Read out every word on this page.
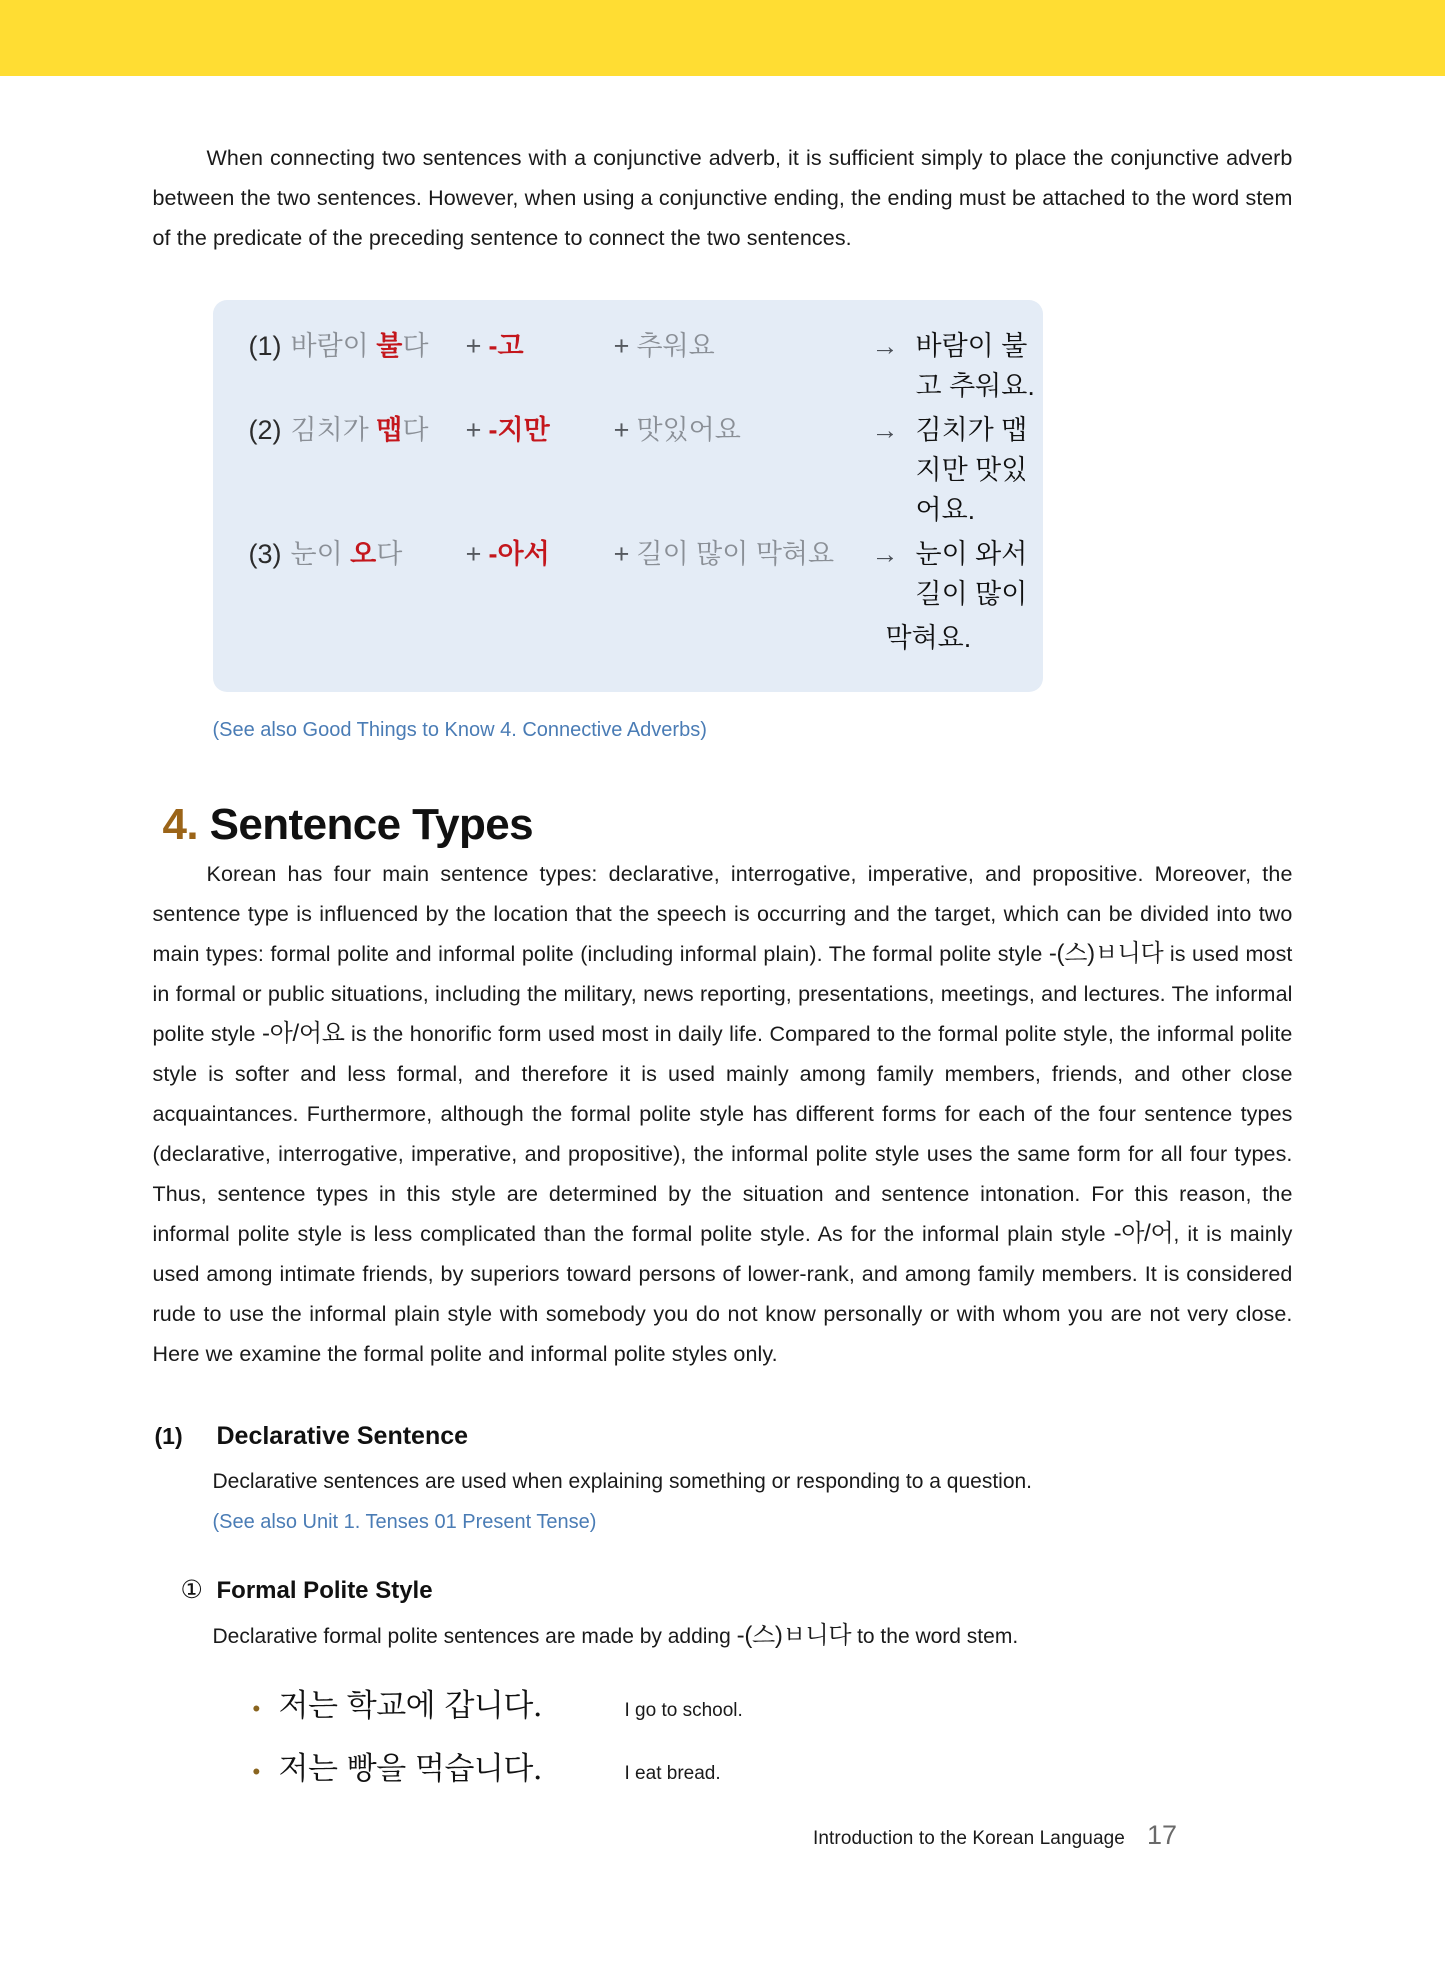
When connecting two sentences with a conjunctive adverb, it is sufficient simply to place the conjunctive adverb between the two sentences. However, when using a conjunctive ending, the ending must be attached to the word stem of the predicate of the preceding sentence to connect the two sentences.

(1) 바람이 불다	+ -고	+ 추워요	→ 바람이 불고 추워요.
(2) 김치가 맵다	+ -지만	+ 맛있어요	→ 김치가 맵지만 맛있어요.
(3) 눈이 오다	+ -아서	+ 길이 많이 막혀요	→ 눈이 와서 길이 많이
막혀요.
(See also Good Things to Know 4. Connective Adverbs)
4. Sentence Types

Korean has four main sentence types: declarative, interrogative, imperative, and propositive. Moreover, the sentence type is influenced by the location that the speech is occurring and the target, which can be divided into two main types: formal polite and informal polite (including informal plain). The formal polite style -(스)ㅂ니다 is used most in formal or public situations, including the military, news reporting, presentations, meetings, and lectures. The informal polite style -아/어요 is the honorific form used most in daily life. Compared to the formal polite style, the informal polite style is softer and less formal, and therefore it is used mainly among family members, friends, and other close acquaintances. Furthermore, although the formal polite style has different forms for each of the four sentence types (declarative, interrogative, imperative, and propositive), the informal polite style uses the same form for all four types. Thus, sentence types in this style are determined by the situation and sentence intonation. For this reason, the informal polite style is less complicated than the formal polite style. As for the informal plain style -아/어, it is mainly used among intimate friends, by superiors toward persons of lower-rank, and among family members. It is considered rude to use the informal plain style with somebody you do not know personally or with whom you are not very close. Here we examine the formal polite and informal polite styles only.

(1)	Declarative Sentence
Declarative sentences are used when explaining something or responding to a question.
(See also Unit 1. Tenses 01 Present Tense)
① Formal Polite Style
Declarative formal polite sentences are made by adding -(스)ㅂ니다 to the word stem.
• 저는 학교에 갑니다.	I go to school.
• 저는 빵을 먹습니다.	I eat bread.
Introduction to the Korean Language 17
